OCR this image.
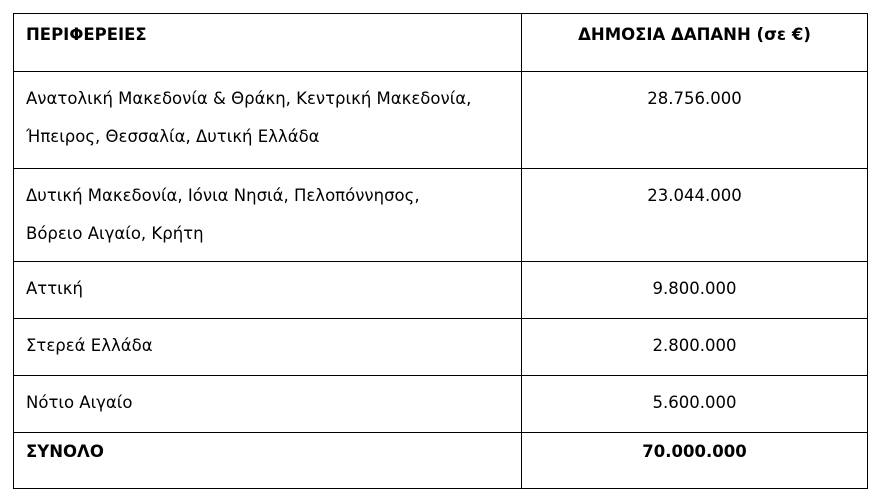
ΠΕΡΙΦΕΡΕΙΕΣ	ΔΗΜΟΣΙΑ ΔΑΠΑΝΗ (σε €)

Ανατολική Μακεδονία & Θράκη, Κεντρική Μακεδονία,
Ήπειρος, Θεσσαλία, Δυτική Ελλάδα	28.756.000

Δυτική Μακεδονία, Ιόνια Νησιά, Πελοπόννησος,
Βόρειο Αιγαίο, Κρήτη	23.044.000

Αττική	9.800.000

Στερεά Ελλάδα	2.800.000

Νότιο Αιγαίο	5.600.000

ΣΥΝΟΛΟ	70.000.000
